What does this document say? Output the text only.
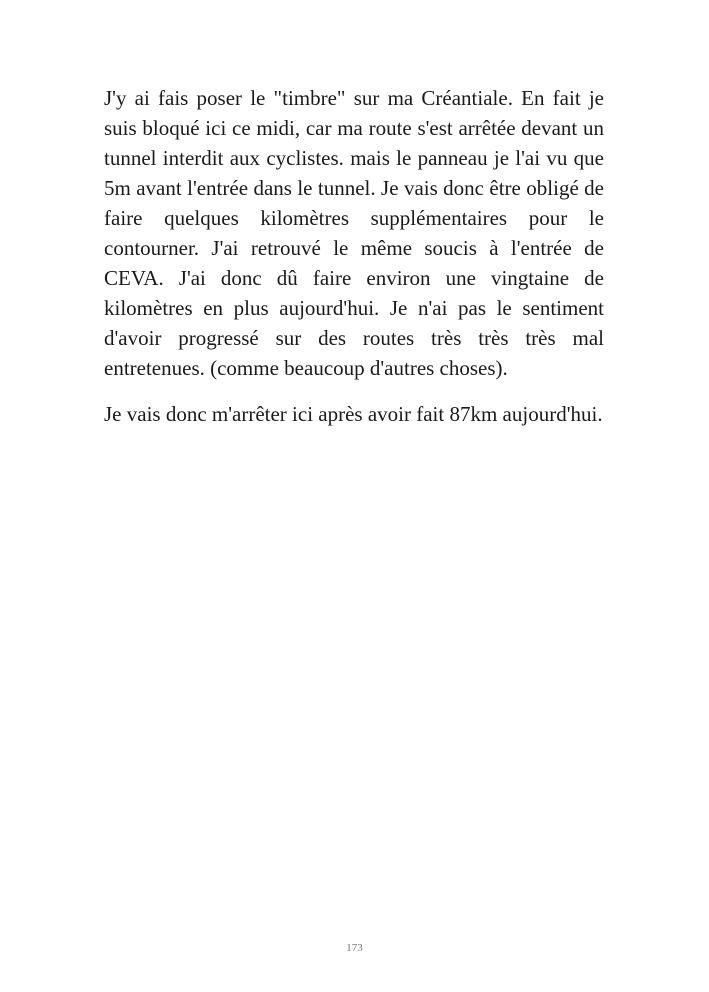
J'y ai fais poser le "timbre" sur ma Créantiale. En fait je suis bloqué ici ce midi, car ma route s'est arrêtée devant un tunnel interdit aux cyclistes. mais le panneau je l'ai vu que 5m avant l'entrée dans le tunnel. Je vais donc être obligé de faire quelques kilomètres supplémentaires pour le contourner. J'ai retrouvé le même soucis à l'entrée de CEVA. J'ai donc dû faire environ une vingtaine de kilomètres en plus aujourd'hui. Je n'ai pas le sentiment d'avoir progressé sur des routes très très très mal entretenues. (comme beaucoup d'autres choses).

Je vais donc m'arrêter ici après avoir fait 87km aujourd'hui.

173
